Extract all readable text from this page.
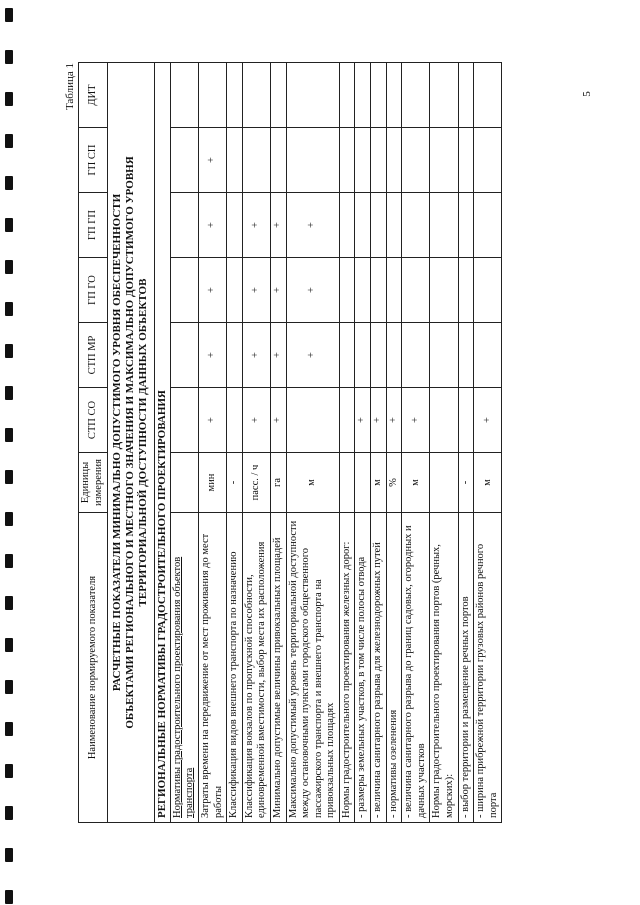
5
Таблица 1
Наименование нормируемого показателя	Единицы измерения	СТП СО	СТП МР	ГП ГО	ГП ГП	ГП СП	ДИТ

РАСЧЕТНЫЕ ПОКАЗАТЕЛИ МИНИМАЛЬНО ДОПУСТИМОГО УРОВНЯ ОБЕСПЕЧЕННОСТИ ОБЪЕКТАМИ РЕГИОНАЛЬНОГО И МЕСТНОГО ЗНАЧЕНИЯ И МАКСИМАЛЬНО ДОПУСТИМОГО УРОВНЯ ТЕРРИТОРИАЛЬНОЙ ДОСТУПНОСТИ ДАННЫХ ОБЪЕКТОВ							

РЕГИОНАЛЬНЫЕ НОРМАТИВЫ ГРАДОСТРОИТЕЛЬНОГО ПРОЕКТИРОВАНИЯ							
Нормативы градостроительного проектирования объектов транспорта							
Затраты времени на передвижение от мест проживания до мест работы	мин	+	+	+	+	+	
Классификация видов внешнего транспорта по назначению	-						
Классификация вокзалов по пропускной способности, единовременной вместимости, выбор места их расположения	пасс. / ч	+	+	+	+		
Минимально допустимые величины привокзальных площадей	га	+	+	+	+		
Максимально допустимый уровень территориальной доступности между остановочными пунктами городского общественного пассажирского транспорта и внешнего транспорта на привокзальных площадях	м		+	+	+		
Нормы градостроительного проектирования железных дорог:							
- размеры земельных участков, в том числе полосы отвода		+					
- величина санитарного разрыва для железнодорожных путей	м	+					
- нормативы озеленения	%	+					
- величина санитарного разрыва до границ садовых, огородных и дачных участков	м	+					
Нормы градостроительного проектирования портов (речных, морских):							
- выбор территории и размещение речных портов	-						
- ширина прибрежной территории грузовых районов речного порта	м	+					
